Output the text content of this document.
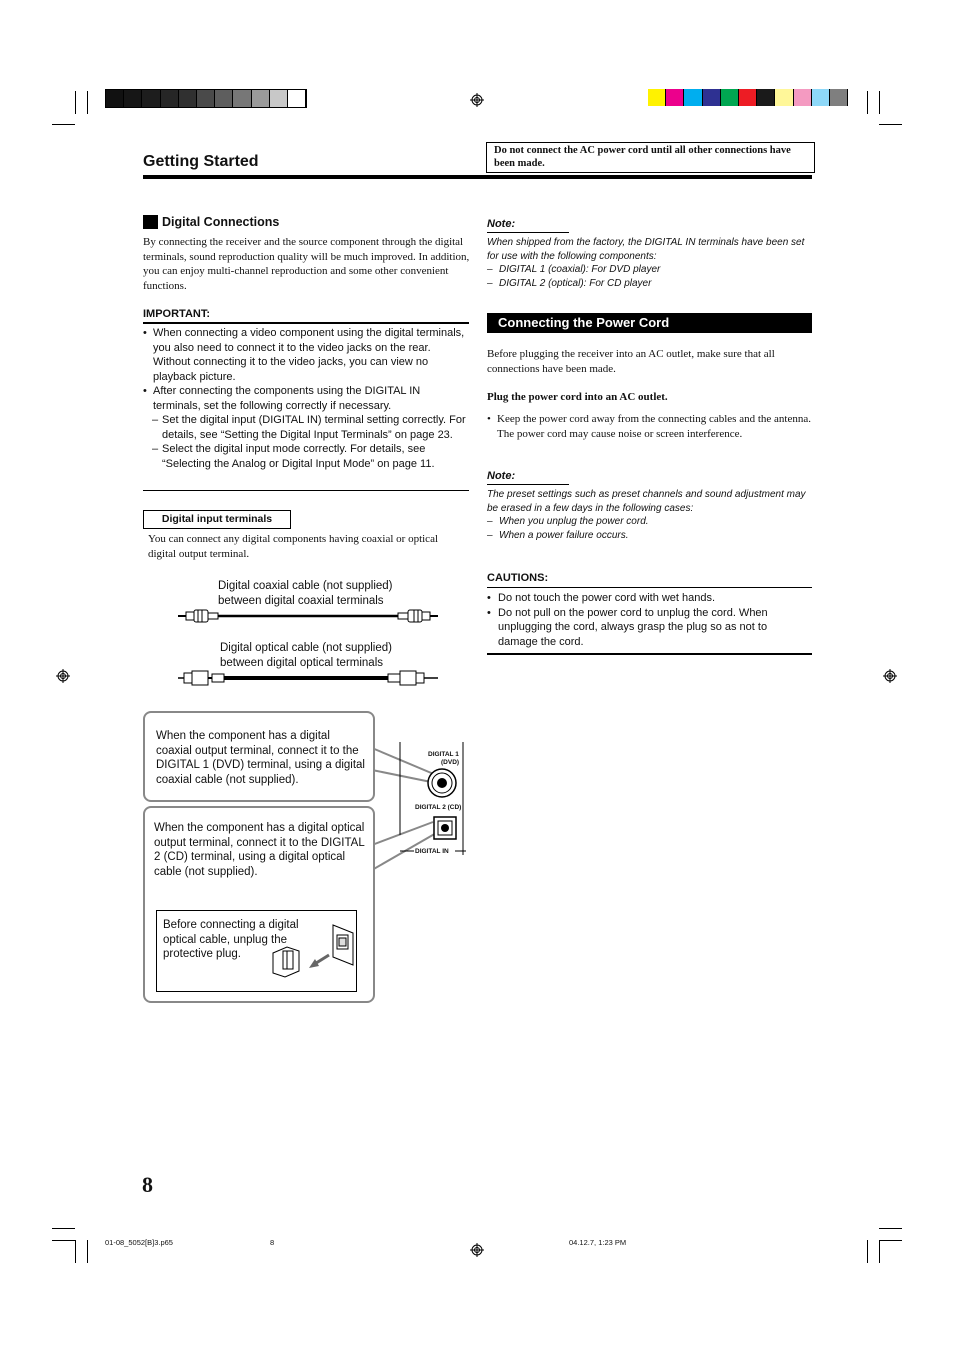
Getting Started
Do not connect the AC power cord until all other connections have been made.
Digital Connections
By connecting the receiver and the source component through the digital terminals, sound reproduction quality will be much improved. In addition, you can enjoy multi-channel reproduction and some other convenient functions.
IMPORTANT:
• When connecting a video component using the digital terminals, you also need to connect it to the video jacks on the rear. Without connecting it to the video jacks, you can view no playback picture.
• After connecting the components using the DIGITAL IN terminals, set the following correctly if necessary.
– Set the digital input (DIGITAL IN) terminal setting correctly. For details, see “Setting the Digital Input Terminals” on page 23.
– Select the digital input mode correctly. For details, see “Selecting the Analog or Digital Input Mode” on page 11.
Digital input terminals
You can connect any digital components having coaxial or optical digital output terminal.
Digital coaxial cable (not supplied)
between digital coaxial terminals
Digital optical cable (not supplied)
between digital optical terminals
When the component has a digital coaxial output terminal, connect it to the DIGITAL 1 (DVD) terminal, using a digital coaxial cable (not supplied).
When the component has a digital optical output terminal, connect it to the DIGITAL 2 (CD) terminal, using a digital optical cable (not supplied).
Before connecting a digital optical cable, unplug the protective plug.
DIGITAL 1
(DVD)
DIGITAL 2 (CD)
DIGITAL IN
Note:
When shipped from the factory, the DIGITAL IN terminals have been set for use with the following components:
– DIGITAL 1 (coaxial): For DVD player
– DIGITAL 2 (optical): For CD player
Connecting the Power Cord
Before plugging the receiver into an AC outlet, make sure that all connections have been made.
Plug the power cord into an AC outlet.
• Keep the power cord away from the connecting cables and the antenna. The power cord may cause noise or screen interference.
Note:
The preset settings such as preset channels and sound adjustment may be erased in a few days in the following cases:
– When you unplug the power cord.
– When a power failure occurs.
CAUTIONS:
• Do not touch the power cord with wet hands.
• Do not pull on the power cord to unplug the cord. When unplugging the cord, always grasp the plug so as not to damage the cord.
8
01-08_5052[B]3.p65	8	04.12.7, 1:23 PM
